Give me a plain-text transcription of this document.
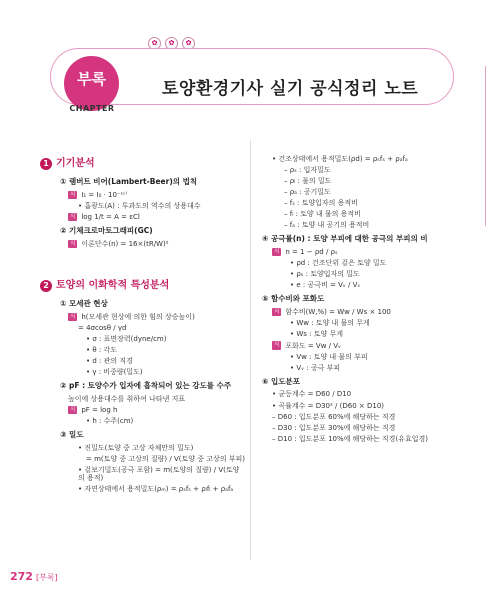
✿	✿	✿
부록
CHAPTER
토양환경기사 실기 공식정리 노트
1 기기분석
① 램버트 비어(Lambert-Beer)의 법칙
식 I₁ = I₀ · 10⁻ᵋᶜˡ
• 흡광도(A) : 투과도의 역수의 상용대수
식 log 1/t = A = εCl
② 기체크로마토그래피(GC)
식 이론단수(n) = 16×(tR/W)²
2 토양의 이화학적 특성분석
① 모세관 현상
식 h(모세관 현상에 의한 힘의 상승높이)
= 4σcosθ / γd
• σ : 표면장력(dyne/cm)
• θ : 각도
• d : 관의 직경
• γ : 비중량(밀도)
② pF : 토양수가 입자에 흡착되어 있는 강도를 수주
높이에 상용대수를 취하여 나타낸 지표
식 pF = log h
• h : 수주(cm)
③ 밀도
• 진밀도(토양 중 고상 자체만의 밀도)
= m(토양 중 고상의 질량) / V(토양 중 고상의 부피)
• 겉보기밀도(공극 포함) = m(토양의 질량) / V(토양의 용적)
• 자연상태에서 용적밀도(ρₘ) = ρₛfₛ + ρₗfₗ + ρₐfₐ
• 건조상태에서 용적밀도(ρd) = ρₛfₛ + ρₐfₐ
– ρₛ : 입자밀도
– ρₗ : 물의 밀도
– ρₐ : 공기밀도
– fₛ : 토양입자의 용적비
– fₗ : 토양 내 물의 용적비
– fₐ : 토양 내 공기의 용적비
④ 공극률(n) : 토양 부피에 대한 공극의 부피의 비
식 n = 1 − ρd / ρₛ
• ρd : 건조단위 겉은 토양 밀도
• ρₛ : 토양입자의 밀도
• e : 공극비 = Vᵥ / Vₛ
⑤ 함수비와 포화도
식 함수비(W,%) = Ww / Ws × 100
• Ww : 토양 내 물의 무게
• Ws : 토양 무게
식 포화도 = Vw / Vᵥ
• Vw : 토양 내 물의 부피
• Vᵥ : 공극 부피
⑥ 입도분포
• 균등계수 = D60 / D10
• 곡률계수 = D30² / (D60 × D10)
– D60 : 입도분포 60%에 해당하는 직경
– D30 : 입도분포 30%에 해당하는 직경
– D10 : 입도분포 10%에 해당하는 직경(유효입경)
272 [부록]
